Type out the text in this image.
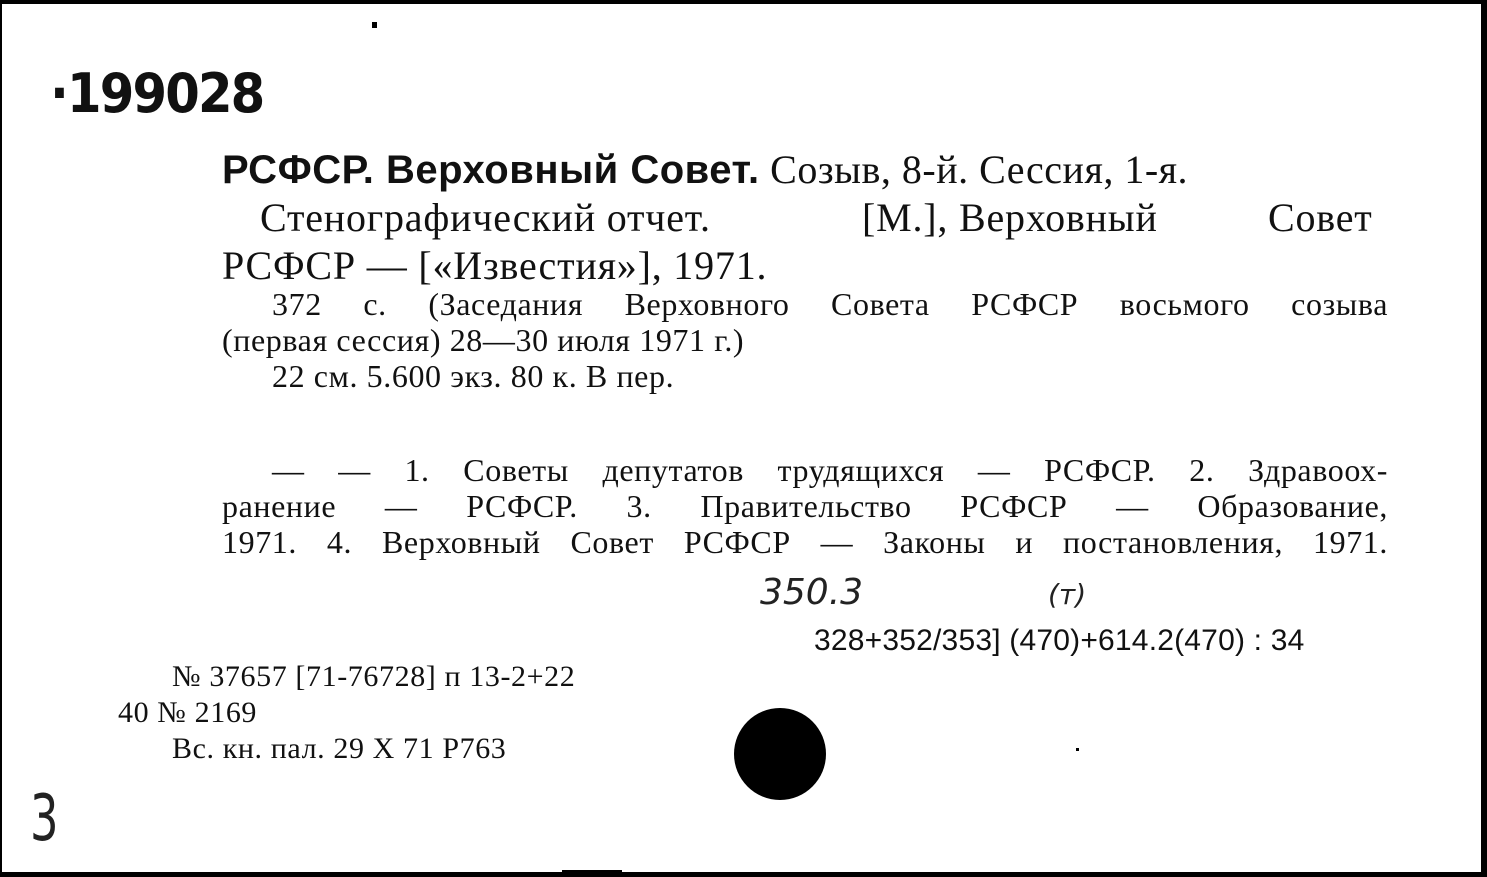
·199028
РСФСР. Верховный Совет. Созыв, 8-й. Сессия, 1-я.
Стенографический отчет.	[М.], Верховный	Совет
РСФСР — [«Известия»], 1971.
372 с. (Заседания Верховного Совета РСФСР восьмого созыва
(первая сессия) 28—30 июля 1971 г.)
22 см. 5.600 экз. 80 к. В пер.
— — 1. Советы депутатов трудящихся — РСФСР. 2. Здравоох-
ранение — РСФСР. 3. Правительство РСФСР — Образование,
1971. 4. Верховный Совет РСФСР — Законы и постановления, 1971.
350.3	(т)
328+352/353] (470)+614.2(470) : 34
№ 37657 [71-76728] п 13-2+22
40 № 2169
Вс. кн. пал. 29 X 71 Р763
3
